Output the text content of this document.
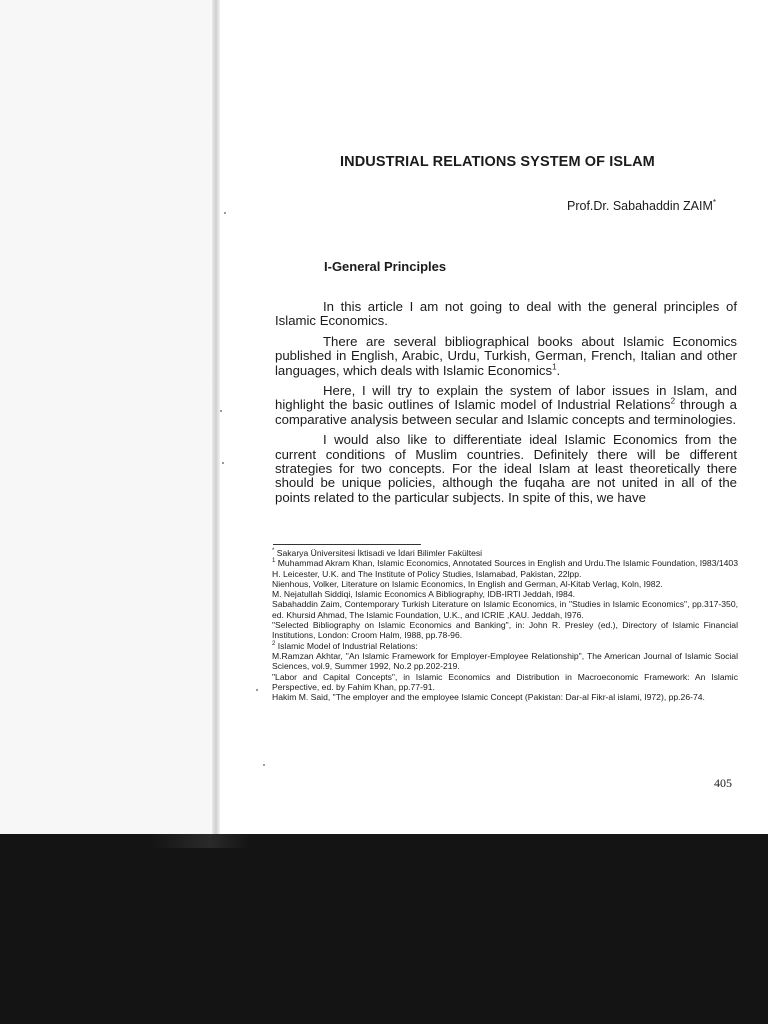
INDUSTRIAL RELATIONS SYSTEM OF ISLAM
Prof.Dr. Sabahaddin ZAIM*
I-General Principles

In this article I am not going to deal with the general principles of Islamic Economics.

There are several bibliographical books about Islamic Economics published in English, Arabic, Urdu, Turkish, German, French, Italian and other languages, which deals with Islamic Economics$^1$.

Here, I will try to explain the system of labor issues in Islam, and highlight the basic outlines of Islamic model of Industrial Relations$^2$ through a comparative analysis between secular and Islamic concepts and terminologies.

I would also like to differentiate ideal Islamic Economics from the current conditions of Muslim countries. Definitely there will be different strategies for two concepts. For the ideal Islam at least theoretically there should be unique policies, although the fuqaha are not united in all of the points related to the particular subjects. In spite of this, we have

* Sakarya Üniversitesi İktisadi ve İdari Bilimler Fakültesi

$^1$ Muhammad Akram Khan, Islamic Economics, Annotated Sources in English and Urdu.The Islamic Foundation, I983/1403 H. Leicester, U.K. and The Institute of Policy Studies, Islamabad, Pakistan, 22lpp.

Nienhous, Volker, Literature on Islamic Economics, In English and German, Al-Kitab Verlag, Koln, I982.

M. Nejatullah Siddiqi, Islamic Economics A Bibliography, IDB-IRTI Jeddah, I984.

Sabahaddin Zaim, Contemporary Turkish Literature on Islamic Economics, in "Studies in Islamic Economics", pp.317-350, ed. Khursid Ahmad, The Islamic Foundation, U.K., and ICRIE ,KAU. Jeddah, I976.

"Selected Bibliography on Islamic Economics and Banking", in: John R. Presley (ed.), Directory of Islamic Financial Institutions, London: Croom Halm, I988, pp.78-96.

$^2$ Islamic Model of Industrial Relations:

M.Ramzan Akhtar, "An Islamic Framework for Employer-Employee Relationship", The American Journal of Islamic Social Sciences, vol.9, Summer 1992, No.2 pp.202-219.

"Labor and Capital Concepts", in Islamic Economics and Distribution in Macroeconomic Framework: An Islamic Perspective, ed. by Fahim Khan, pp.77-91.

Hakim M. Said, "The employer and the employee Islamic Concept (Pakistan: Dar-al Fikr-al islami, I972), pp.26-74.

405
